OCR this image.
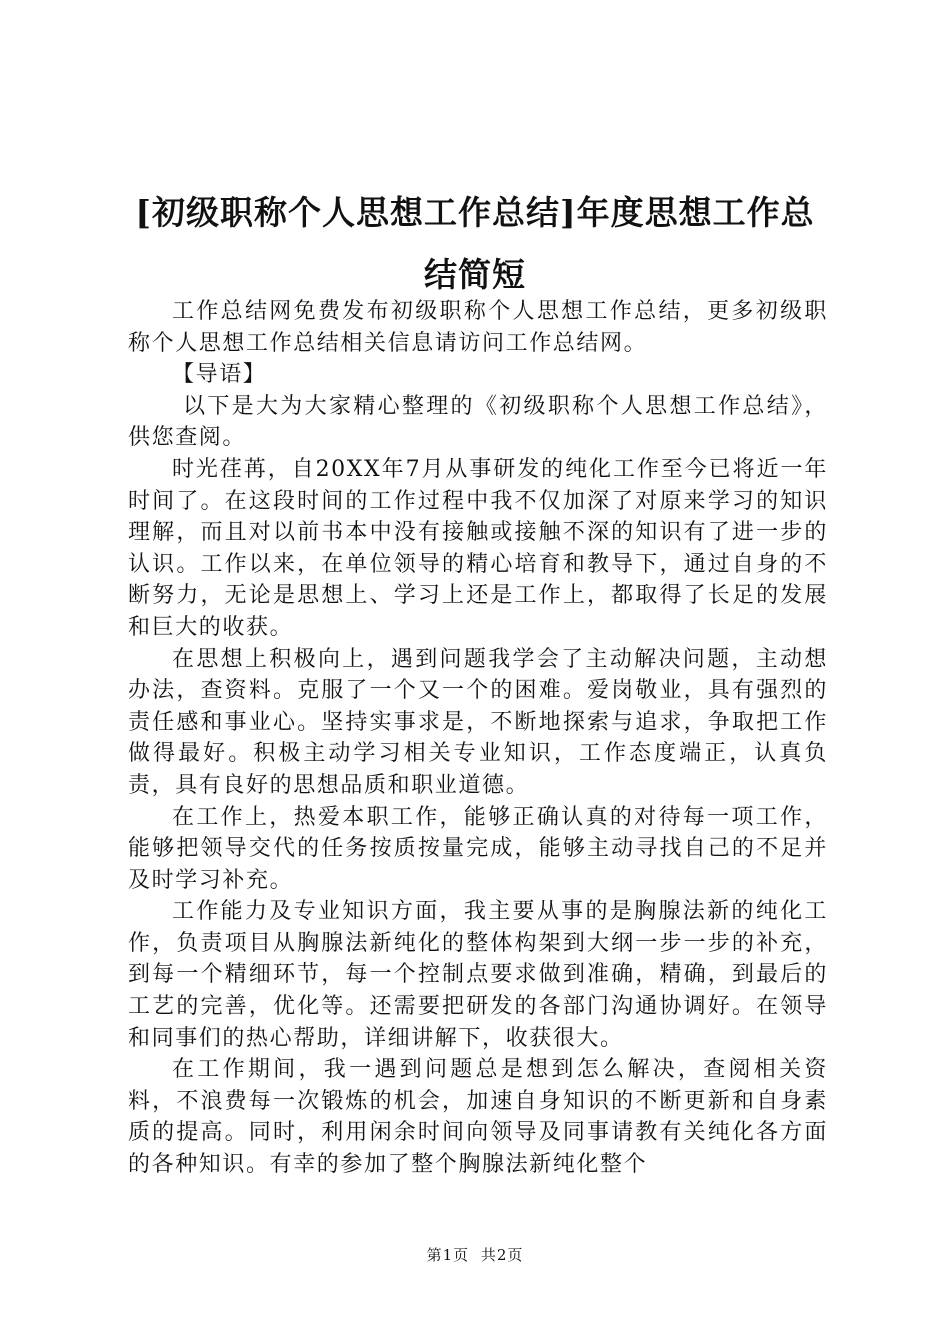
[初级职称个人思想工作总结]年度思想工作总
结简短

工作总结网免费发布初级职称个人思想工作总结，更多初级职称个人思想工作总结相关信息请访问工作总结网。

【导语】

以下是大为大家精心整理的《初级职称个人思想工作总结》，供您查阅。

时光荏苒，自20XX年7月从事研发的纯化工作至今已将近一年时间了。在这段时间的工作过程中我不仅加深了对原来学习的知识理解，而且对以前书本中没有接触或接触不深的知识有了进一步的认识。工作以来，在单位领导的精心培育和教导下，通过自身的不断努力，无论是思想上、学习上还是工作上，都取得了长足的发展和巨大的收获。

在思想上积极向上，遇到问题我学会了主动解决问题，主动想办法，查资料。克服了一个又一个的困难。爱岗敬业，具有强烈的责任感和事业心。坚持实事求是，不断地探索与追求，争取把工作做得最好。积极主动学习相关专业知识，工作态度端正，认真负责，具有良好的思想品质和职业道德。

在工作上，热爱本职工作，能够正确认真的对待每一项工作，能够把领导交代的任务按质按量完成，能够主动寻找自己的不足并及时学习补充。

工作能力及专业知识方面，我主要从事的是胸腺法新的纯化工作，负责项目从胸腺法新纯化的整体构架到大纲一步一步的补充，到每一个精细环节，每一个控制点要求做到准确，精确，到最后的工艺的完善，优化等。还需要把研发的各部门沟通协调好。在领导和同事们的热心帮助，详细讲解下，收获很大。

在工作期间，我一遇到问题总是想到怎么解决，查阅相关资料，不浪费每一次锻炼的机会，加速自身知识的不断更新和自身素质的提高。同时，利用闲余时间向领导及同事请教有关纯化各方面的各种知识。有幸的参加了整个胸腺法新纯化整个

第1页 共2页
